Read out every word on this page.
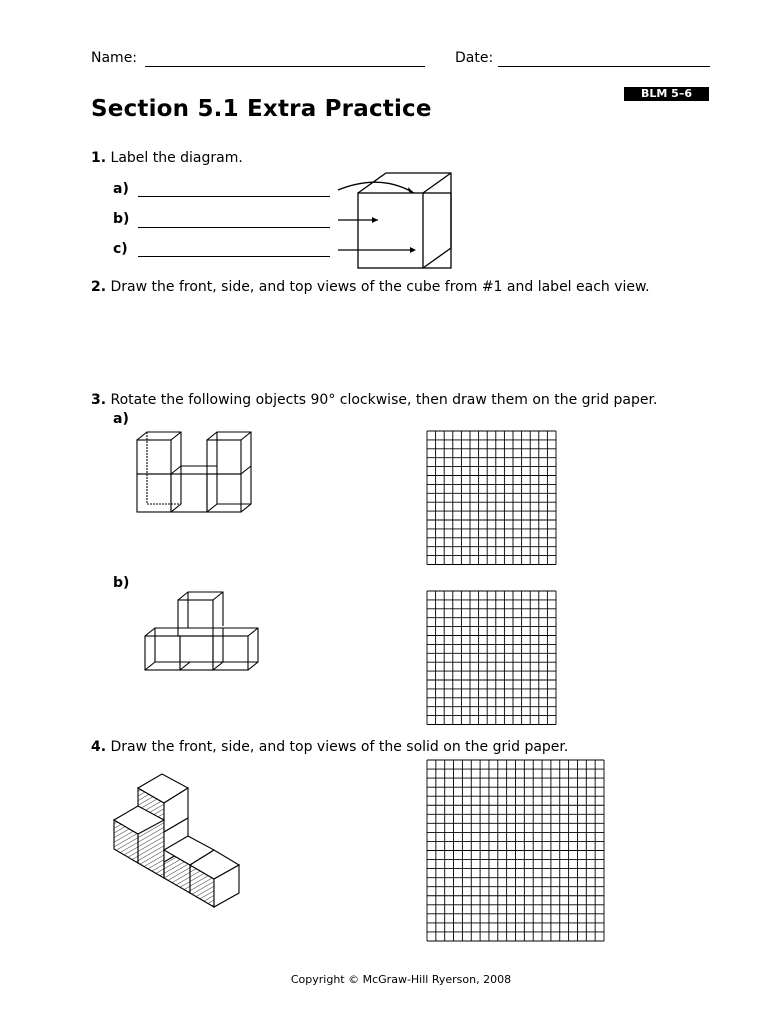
Name:	Date:
BLM 5–6
Section 5.1 Extra Practice
1. Label the diagram.
a)
b)
c)
2. Draw the front, side, and top views of the cube from #1 and label each view.
3. Rotate the following objects 90° clockwise, then draw them on the grid paper.
a)
b)
4. Draw the front, side, and top views of the solid on the grid paper.
Copyright © McGraw-Hill Ryerson, 2008
